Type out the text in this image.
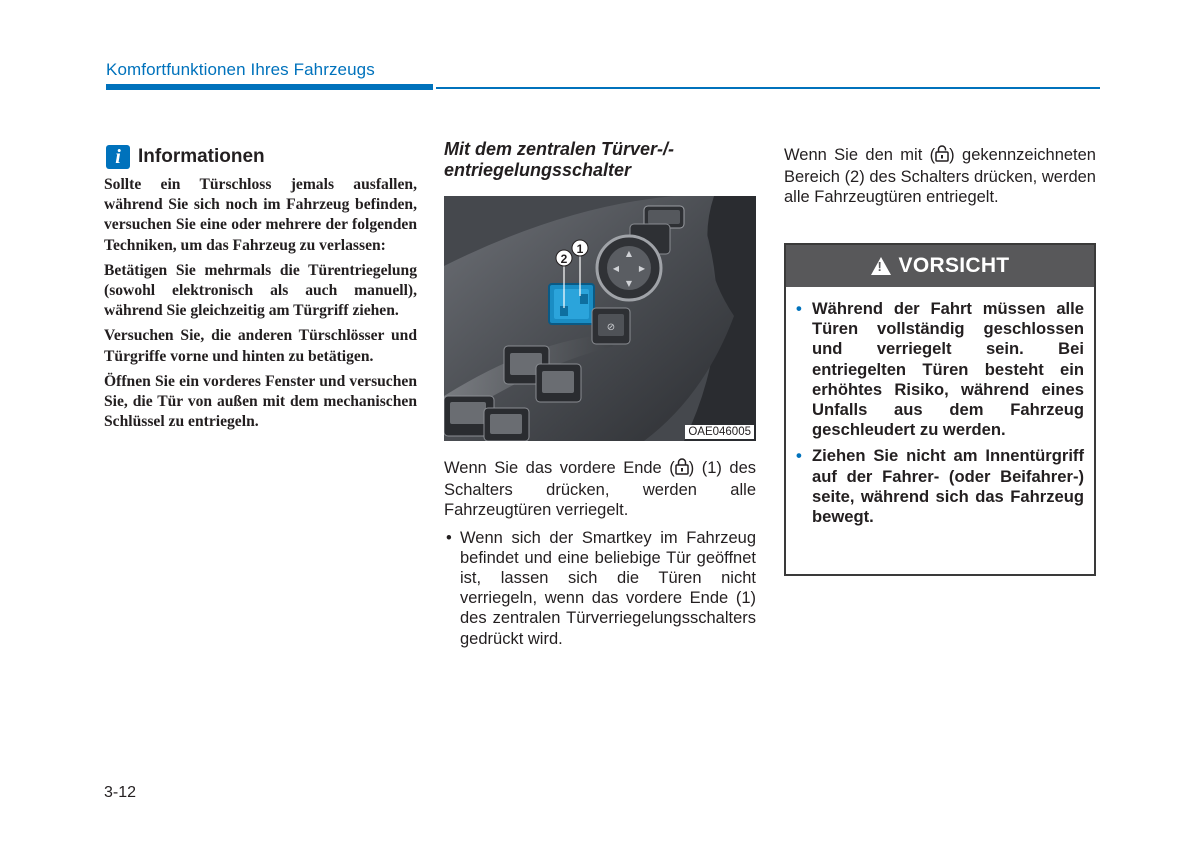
Komfortfunktionen Ihres Fahrzeugs
i Informationen

Sollte ein Türschloss jemals ausfallen, während Sie sich noch im Fahrzeug befinden, versuchen Sie eine oder mehrere der folgenden Techniken, um das Fahrzeug zu verlassen:

Betätigen Sie mehrmals die Türentriegelung (sowohl elektronisch als auch manuell), während Sie gleichzeitig am Türgriff ziehen.

Versuchen Sie, die anderen Türschlösser und Türgriffe vorne und hinten zu betätigen.

Öffnen Sie ein vorderes Fenster und versuchen Sie, die Tür von außen mit dem mechanischen Schlüssel zu entriegeln.

Mit dem zentralen Türver-/-entriegelungsschalter
▲
▼
◀ ▶
⊘
2
1
OAE046005

Wenn Sie das vordere Ende ( ) (1) des Schalters drücken, werden alle Fahrzeugtüren verriegelt.

• Wenn sich der Smartkey im Fahrzeug befindet und eine beliebige Tür geöffnet ist, lassen sich die Türen nicht verriegeln, wenn das vordere Ende (1) des zentralen Türverriegelungsschalters gedrückt wird.
Wenn Sie den mit ( ) gekennzeichneten Bereich (2) des Schalters drücken, werden alle Fahrzeugtüren entriegelt.
! VORSICHT
• Während der Fahrt müssen alle Türen vollständig geschlossen und verriegelt sein. Bei entriegelten Türen besteht ein erhöhtes Risiko, während eines Unfalls aus dem Fahrzeug geschleudert zu werden.
• Ziehen Sie nicht am Innentürgriff auf der Fahrer- (oder Beifahrer-) seite, während sich das Fahrzeug bewegt.
3-12
